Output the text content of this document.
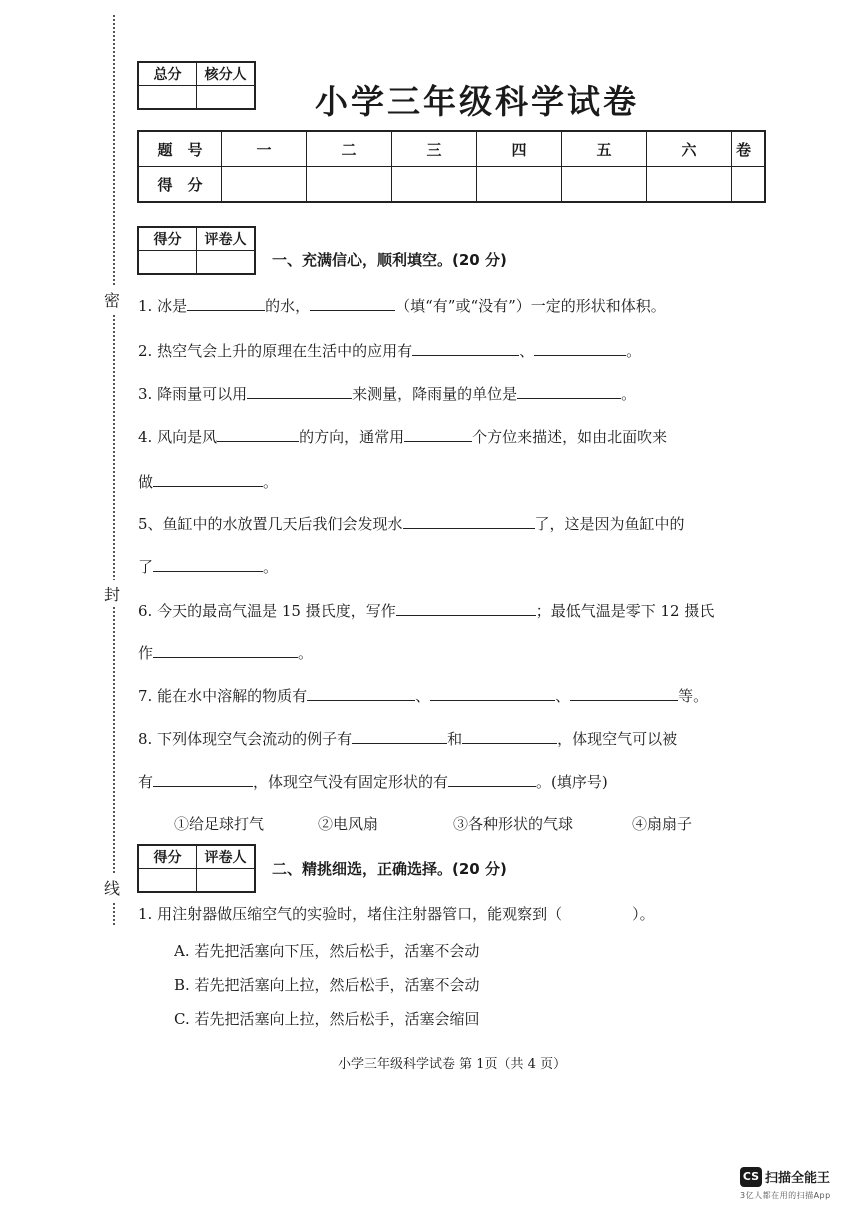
密
封
线
总分	核分人

小学三年级科学试卷
题　号	一	二	三	四	五	六	卷
得　分							
得分	评卷人

一、充满信心，顺利填空。(20 分)
1. 冰是	的水，	（填“有”或“没有”）一定的形状和体积。
2. 热空气会上升的原理在生活中的应用有	、	。
3. 降雨量可以用	来测量，降雨量的单位是	。
4. 风向是风	的方向，通常用	个方位来描述，如由北面吹来
做	。
5、鱼缸中的水放置几天后我们会发现水	了，这是因为鱼缸中的
了	。
6. 今天的最高气温是 15 摄氏度，写作	；最低气温是零下 12 摄氏
作	。
7. 能在水中溶解的物质有	、	、	等。
8. 下列体现空气会流动的例子有	和	，体现空气可以被
有	，体现空气没有固定形状的有	。(填序号)
①给足球打气	②电风扇	③各种形状的气球	④扇扇子
得分	评卷人

二、精挑细选，正确选择。(20 分)
1. 用注射器做压缩空气的实验时，堵住注射器管口，能观察到（	）。
A. 若先把活塞向下压，然后松手，活塞不会动
B. 若先把活塞向上拉，然后松手，活塞不会动
C. 若先把活塞向上拉，然后松手，活塞会缩回
小学三年级科学试卷 第 1页（共 4 页）
CS 扫描全能王
3亿人都在用的扫描App
